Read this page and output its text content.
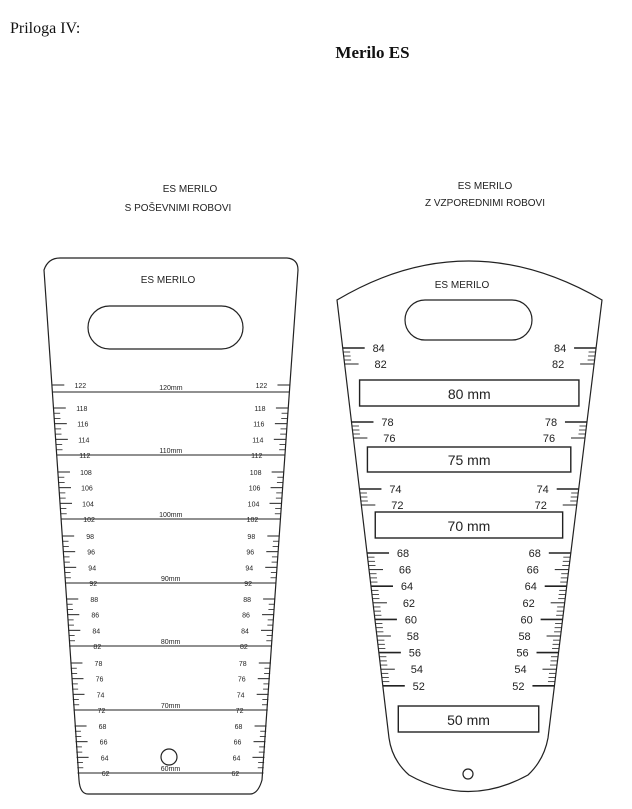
Priloga IV:
Merilo ES
ES MERILO
S POŠEVNIMI ROBOVI
ES MERILO
120mm
122	122
110mm
118	118
116	116
114	114
112	112
100mm
108	108
106	106
104	104
102	102
90mm
98	98
96	96
94	94
92	92
80mm
88	88
86	86
84	84
82	82
70mm
78	78
76	76
74	74
72	72
60mm
68	68
66	66
64	64
62	62
ES MERILO
Z VZPOREDNIMI ROBOVI
ES MERILO
80 mm
84	84
82	82
75 mm
78	78
76	76
70 mm
74	74
72	72
50 mm
68	68
66	66
64	64
62	62
60	60
58	58
56	56
54	54
52	52
